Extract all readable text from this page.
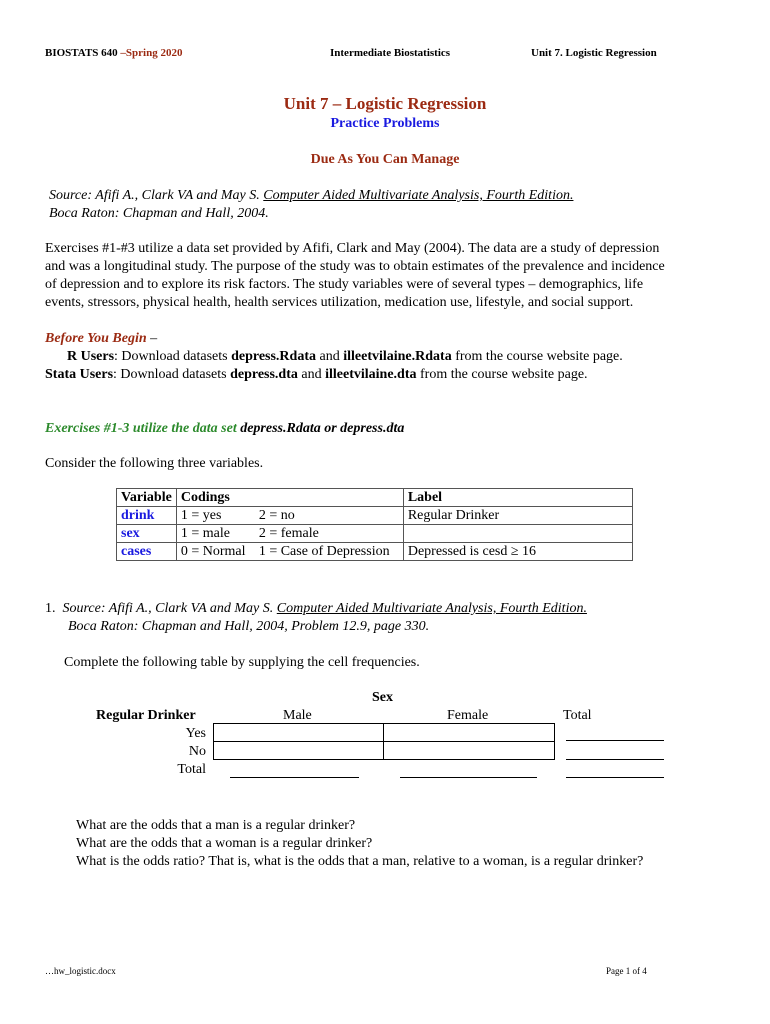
BIOSTATS 640 –Spring 2020	Intermediate Biostatistics	Unit 7. Logistic Regression
Unit 7 – Logistic Regression
Practice Problems
Due As You Can Manage
Source: Afifi A., Clark VA and May S. Computer Aided Multivariate Analysis, Fourth Edition.
Boca Raton: Chapman and Hall, 2004.
Exercises #1-#3 utilize a data set provided by Afifi, Clark and May (2004). The data are a study of depression
and was a longitudinal study. The purpose of the study was to obtain estimates of the prevalence and incidence
of depression and to explore its risk factors. The study variables were of several types – demographics, life
events, stressors, physical health, health services utilization, medication use, lifestyle, and social support.
Before You Begin –
R Users: Download datasets depress.Rdata and illeetvilaine.Rdata from the course website page.
Stata Users: Download datasets depress.dta and illeetvilaine.dta from the course website page.
Exercises #1-3 utilize the data set depress.Rdata or depress.dta
Consider the following three variables.
Variable	Codings		Label
drink	1 = yes	2 = no	Regular Drinker
sex	1 = male	2 = female	
cases	0 = Normal	1 = Case of Depression	Depressed is cesd ≥ 16
1. Source: Afifi A., Clark VA and May S. Computer Aided Multivariate Analysis, Fourth Edition.
Boca Raton: Chapman and Hall, 2004, Problem 12.9, page 330.
Complete the following table by supplying the cell frequencies.
Sex
Regular Drinker	Male	Female	Total
Yes
No
Total
What are the odds that a man is a regular drinker?
What are the odds that a woman is a regular drinker?
What is the odds ratio? That is, what is the odds that a man, relative to a woman, is a regular drinker?
…hw_logistic.docx	Page 1 of 4
